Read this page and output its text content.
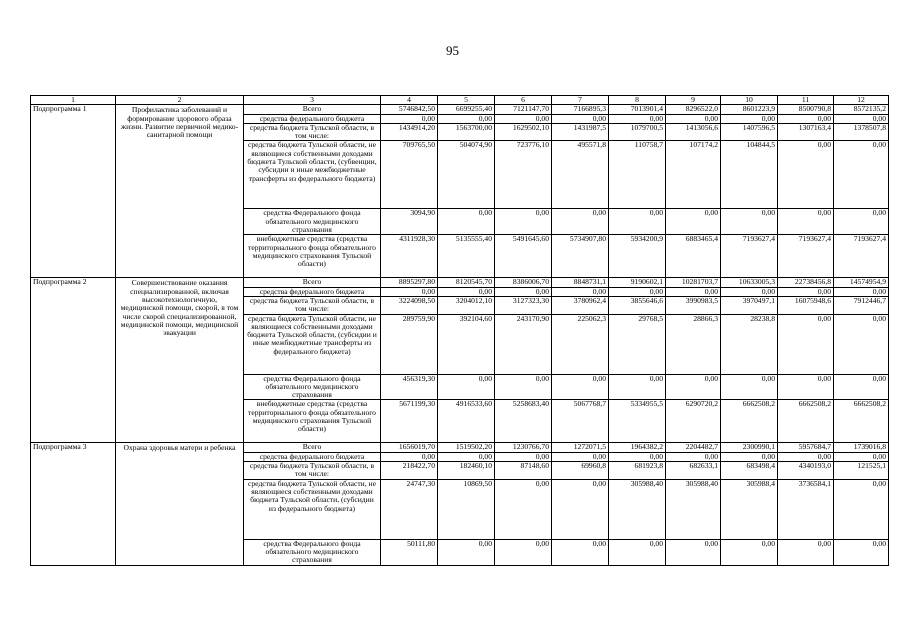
95
1	2	3	4	5	6	7	8	9	10	11	12
Подпрограмма 1	Профилактика заболеваний и формирование здорового образа жизни. Развитие первичной медико-санитарной помощи	Всего	5746842,50	6699255,40	7121147,70	7166895,3	7013901,4	8296522,0	8601223,9	8500790,8	8572135,2
		средства федерального бюджета	0,00	0,00	0,00	0,00	0,00	0,00	0,00	0,00	0,00
		средства бюджета Тульской области, в том числе:	1434914,20	1563700,00	1629502,10	1431987,5	1079700,5	1413056,6	1407596,5	1307163,4	1378507,8
		средства бюджета Тульской области, не являющиеся собственными доходами бюджета Тульской области, (субвенции, субсидии и иные межбюджетные трансферты из федерального бюджета)	709765,50	504074,90	723776,10	495571,8	110758,7	107174,2	104844,5	0,00	0,00
		средства Федерального фонда обязательного медицинского страхования	3094,90	0,00	0,00	0,00	0,00	0,00	0,00	0,00	0,00
		внебюджетные средства (средства территориального фонда обязательного медицинского страхования Тульской области)	4311928,30	5135555,40	5491645,60	5734907,80	5934200,9	6883465,4	7193627,4	7193627,4	7193627,4
Подпрограмма 2	Совершенствование оказания специализированной, включая высокотехнологичную, медицинской помощи, скорой, в том числе скорой специализированной, медицинской помощи, медицинской эвакуации	Всего	8895297,80	8120545,70	8386006,70	8848731,1	9190602,1	10281703,7	10633005,3	22738456,8	14574954,9
		средства федерального бюджета	0,00	0,00	0,00	0,00	0,00	0,00	0,00	0,00	0,00
		средства бюджета Тульской области, в том числе:	3224098,50	3204012,10	3127323,30	3780962,4	3855646,6	3990983,5	3970497,1	16075948,6	7912446,7
		средства бюджета Тульской области, не являющиеся собственными доходами бюджета Тульской области, (субсидии и иные межбюджетные трансферты из федерального бюджета)	289759,90	392104,60	243170,90	225062,3	29768,5	28866,3	28238,8	0,00	0,00
		средства Федерального фонда обязательного медицинского страхования	456319,30	0,00	0,00	0,00	0,00	0,00	0,00	0,00	0,00
		внебюджетные средства (средства территориального фонда обязательного медицинского страхования Тульской области)	5671199,30	4916533,60	5258683,40	5067768,7	5334955,5	6290720,2	6662508,2	6662508,2	6662508,2
Подпрограмма 3	Охрана здоровья матери и ребенка	Всего	1656019,70	1519502,20	1230766,70	1272071,5	1964382,2	2204482,7	2300990,1	5957684,7	1739016,8
		средства федерального бюджета	0,00	0,00	0,00	0,00	0,00	0,00	0,00	0,00	0,00
		средства бюджета Тульской области, в том числе:	218422,70	182460,10	87148,60	69960,8	681923,8	682633,1	683498,4	4340193,0	121525,1
		средства бюджета Тульской области, не являющиеся собственными доходами бюджета Тульской области, (субсидии из федерального бюджета)	24747,30	10869,50	0,00	0,00	305988,40	305988,40	305988,4	3736584,1	0,00
		средства Федерального фонда обязательного медицинского страхования	50111,80	0,00	0,00	0,00	0,00	0,00	0,00	0,00	0,00
